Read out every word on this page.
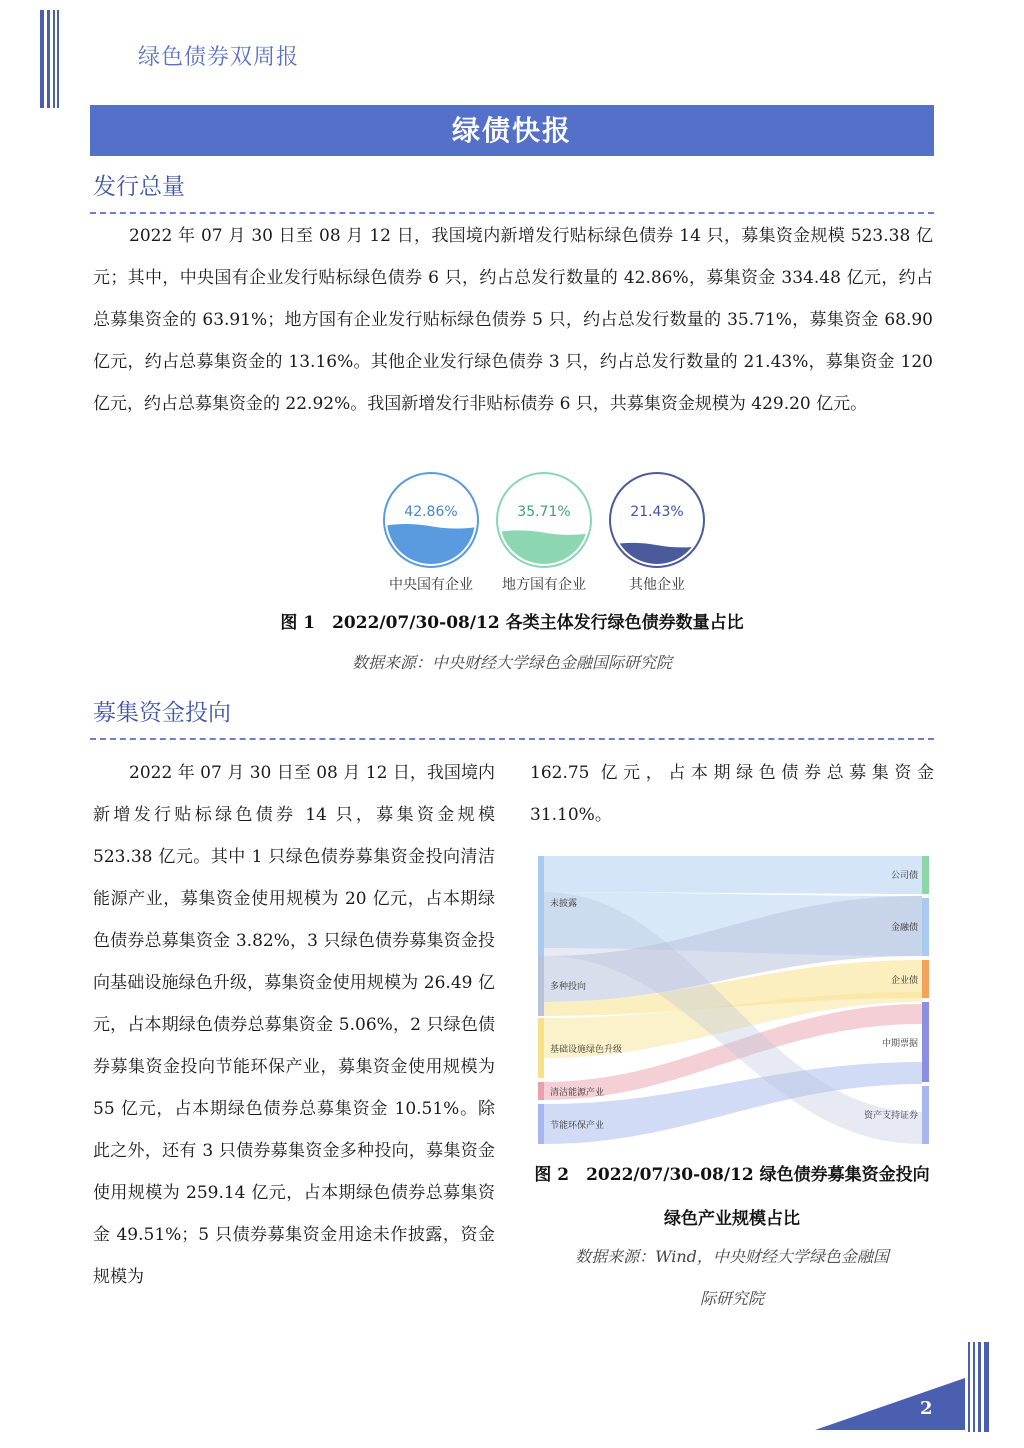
绿色债券双周报
绿债快报
发行总量
2022 年 07 月 30 日至 08 月 12 日，我国境内新增发行贴标绿色债券 14 只，募集资金规模 523.38 亿元；其中，中央国有企业发行贴标绿色债券 6 只，约占总发行数量的 42.86%，募集资金 334.48 亿元，约占总募集资金的 63.91%；地方国有企业发行贴标绿色债券 5 只，约占总发行数量的 35.71%，募集资金 68.90 亿元，约占总募集资金的 13.16%。其他企业发行绿色债券 3 只，约占总发行数量的 21.43%，募集资金 120 亿元，约占总募集资金的 22.92%。我国新增发行非贴标债券 6 只，共募集资金规模为 429.20 亿元。
42.86%
中央国有企业
35.71%
地方国有企业
21.43%
其他企业
图 1　2022/07/30-08/12 各类主体发行绿色债券数量占比
数据来源：中央财经大学绿色金融国际研究院
募集资金投向
2022 年 07 月 30 日至 08 月 12 日，我国境内新增发行贴标绿色债券 14 只，募集资金规模 523.38 亿元。其中 1 只绿色债券募集资金投向清洁能源产业，募集资金使用规模为 20 亿元，占本期绿色债券总募集资金 3.82%，3 只绿色债券募集资金投向基础设施绿色升级，募集资金使用规模为 26.49 亿元，占本期绿色债券总募集资金 5.06%，2 只绿色债券募集资金投向节能环保产业，募集资金使用规模为 55 亿元，占本期绿色债券总募集资金 10.51%。除此之外，还有 3 只债券募集资金多种投向，募集资金使用规模为 259.14 亿元，占本期绿色债券总募集资金 49.51%；5 只债券募集资金用途未作披露，资金规模为
162.75 亿元，占本期绿色债券总募集资金 31.10%。
未披露
多种投向
基础设施绿色升级
清洁能源产业
节能环保产业
公司债
金融债
企业债
中期票据
资产支持证券
图 2　2022/07/30-08/12 绿色债券募集资金投向
绿色产业规模占比
数据来源：Wind，中央财经大学绿色金融国
际研究院
2
